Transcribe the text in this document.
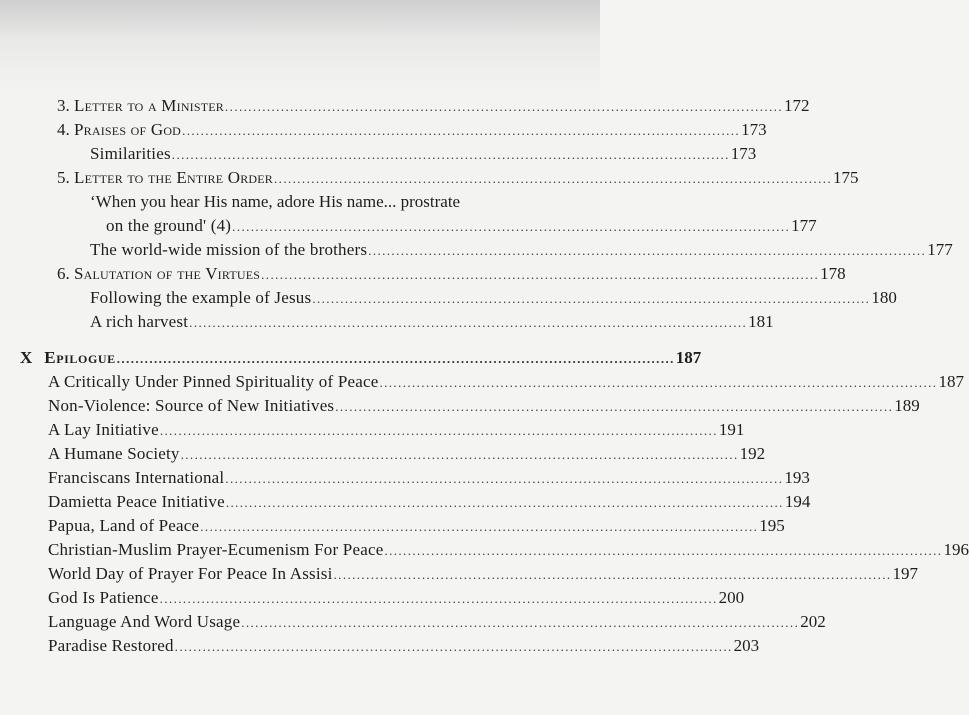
3.
Letter to a Minister ........................................................................................................................ 172
4.
Praises of God ........................................................................................................................ 173
Similarities ........................................................................................................................ 173
5.
Letter to the Entire Order ........................................................................................................................ 175
‘When you hear His name, adore His name... prostrate
on the ground' (4) ........................................................................................................................ 177
The world-wide mission of the brothers ........................................................................................................................ 177
6.
Salutation of the Virtues ........................................................................................................................ 178
Following the example of Jesus ........................................................................................................................ 180
A rich harvest ........................................................................................................................ 181
X Epilogue ........................................................................................................................ 187
A Critically Under Pinned Spirituality of Peace ........................................................................................................................ 187
Non-Violence: Source of New Initiatives ........................................................................................................................ 189
A Lay Initiative ........................................................................................................................ 191
A Humane Society ........................................................................................................................ 192
Franciscans International ........................................................................................................................ 193
Damietta Peace Initiative ........................................................................................................................ 194
Papua, Land of Peace ........................................................................................................................ 195
Christian-Muslim Prayer-Ecumenism For Peace ........................................................................................................................ 196
World Day of Prayer For Peace In Assisi ........................................................................................................................ 197
God Is Patience ........................................................................................................................ 200
Language And Word Usage ........................................................................................................................ 202
Paradise Restored ........................................................................................................................ 203
